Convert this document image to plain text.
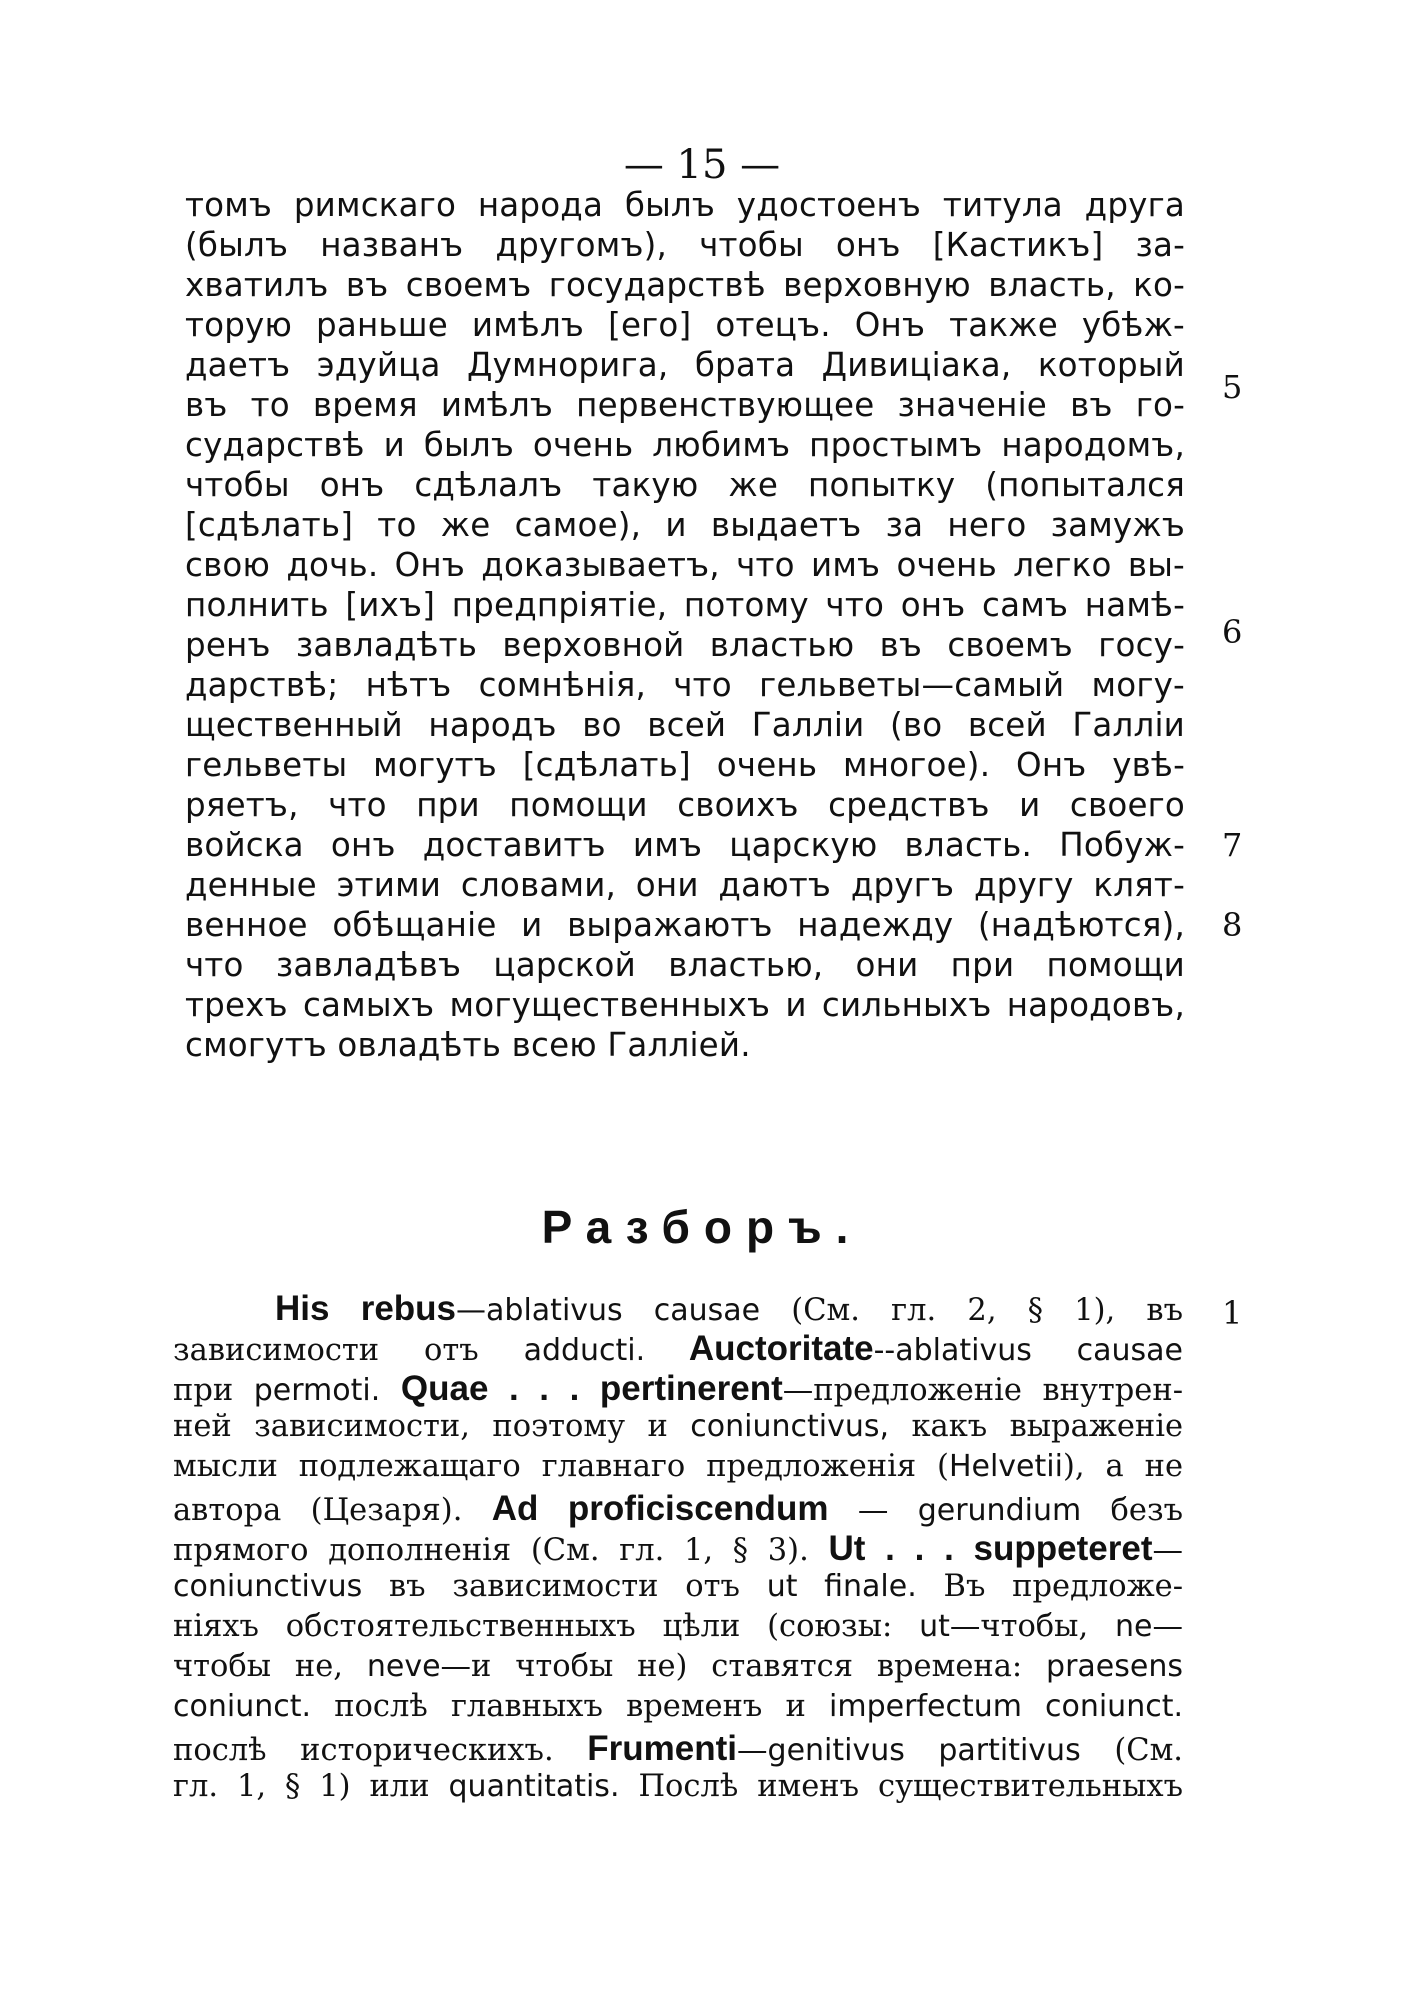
— 15 —
томъ римскаго народа былъ удостоенъ титула друга
(былъ названъ другомъ), чтобы онъ [Кастикъ] за-
хватилъ въ своемъ государствѣ верховную власть, ко-
торую раньше имѣлъ [его] отецъ. Онъ также убѣж-
даетъ эдуйца Думнорига, брата Дивиціака, который
въ то время имѣлъ первенствующее значеніе въ го-
сударствѣ и былъ очень любимъ простымъ народомъ,
чтобы онъ сдѣлалъ такую же попытку (попытался
[сдѣлать] то же самое), и выдаетъ за него замужъ
свою дочь. Онъ доказываетъ, что имъ очень легко вы-
полнить [ихъ] предпріятіе, потому что онъ самъ намѣ-
ренъ завладѣть верховной властью въ своемъ госу-
дарствѣ; нѣтъ сомнѣнія, что гельветы—самый могу-
щественный народъ во всей Галліи (во всей Галліи
гельветы могутъ [сдѣлать] очень многое). Онъ увѣ-
ряетъ, что при помощи своихъ средствъ и своего
войска онъ доставитъ имъ царскую власть. Побуж-
денные этими словами, они даютъ другъ другу клят-
венное обѣщаніе и выражаютъ надежду (надѣются),
что завладѣвъ царской властью, они при помощи
трехъ самыхъ могущественныхъ и сильныхъ народовъ,
смогутъ овладѣть всею Галліей.
5
6
7
8
1
Разборъ.
His rebus—ablativus causae (См. гл. 2, § 1), въ
зависимости отъ adducti. Auctoritate--ablativus causae
при permoti. Quae . . . pertinerent—предложеніе внутрен-
ней зависимости, поэтому и coniunctivus, какъ выраженіе
мысли подлежащаго главнаго предложенія (Helvetii), а не
автора (Цезаря). Ad proficiscendum — gerundium безъ
прямого дополненія (См. гл. 1, § 3). Ut . . . suppeteret—
coniunctivus въ зависимости отъ ut finale. Въ предложе-
ніяхъ обстоятельственныхъ цѣли (союзы: ut—чтобы, ne—
чтобы не, neve—и чтобы не) ставятся времена: praesens
coniunct. послѣ главныхъ временъ и imperfectum coniunct.
послѣ историческихъ. Frumenti—genitivus partitivus (См.
гл. 1, § 1) или quantitatis. Послѣ именъ существительныхъ
